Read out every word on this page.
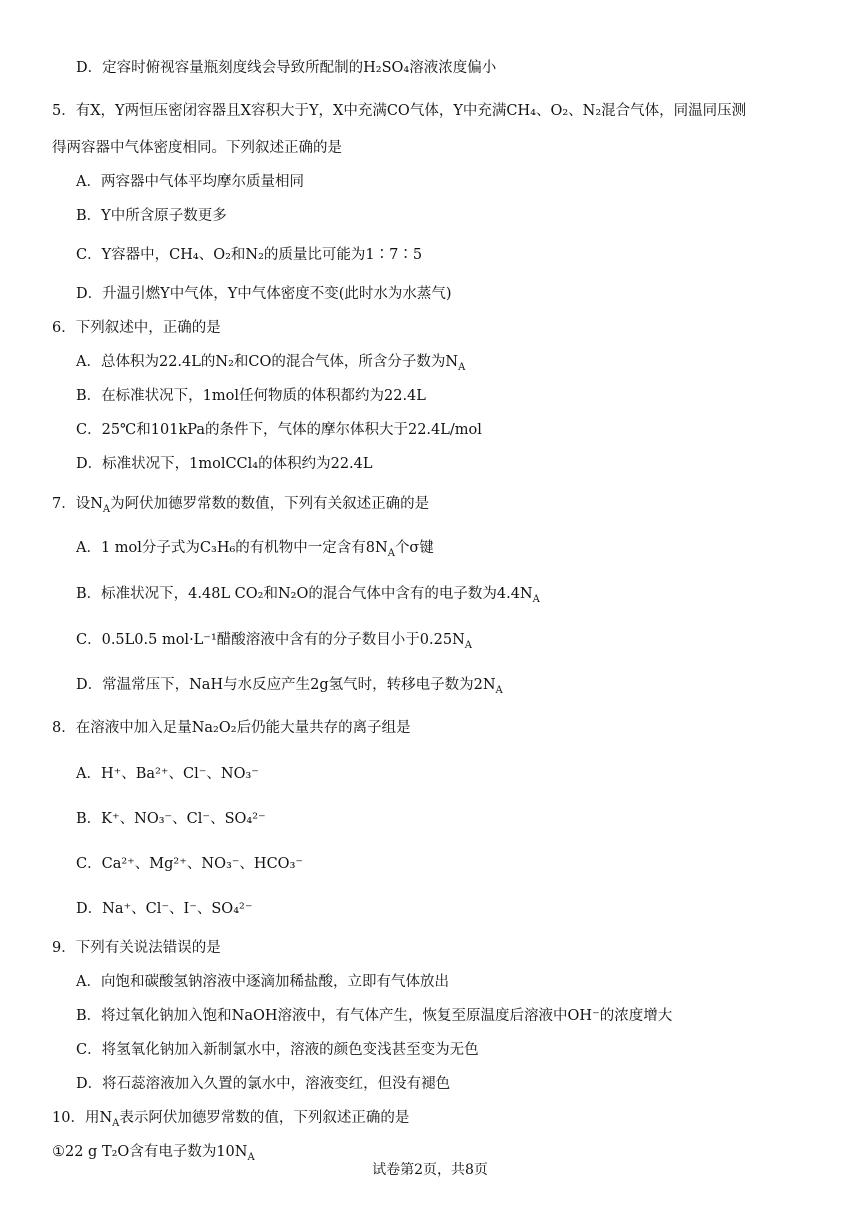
D．定容时俯视容量瓶刻度线会导致所配制的H₂SO₄溶液浓度偏小
5．有X，Y两恒压密闭容器且X容积大于Y，X中充满CO气体，Y中充满CH₄、O₂、N₂混合气体，同温同压测
得两容器中气体密度相同。下列叙述正确的是
A．两容器中气体平均摩尔质量相同
B．Y中所含原子数更多
C．Y容器中，CH₄、O₂和N₂的质量比可能为1∶7∶5
D．升温引燃Y中气体，Y中气体密度不变(此时水为水蒸气)
6．下列叙述中，正确的是
A．总体积为22.4L的N₂和CO的混合气体，所含分子数为$N_A$
B．在标准状况下，1mol任何物质的体积都约为22.4L
C．25℃和101kPa的条件下，气体的摩尔体积大于22.4L/mol
D．标准状况下，1molCCl₄的体积约为22.4L
7．设$N_A$为阿伏加德罗常数的数值，下列有关叙述正确的是
A．1 mol分子式为C₃H₆的有机物中一定含有$8N_A$个σ键
B．标准状况下，4.48L CO₂和N₂O的混合气体中含有的电子数为$4.4N_A$
C．0.5L0.5 mol·L⁻¹醋酸溶液中含有的分子数目小于$0.25N_A$
D．常温常压下，NaH与水反应产生2g氢气时，转移电子数为$2N_A$
8．在溶液中加入足量Na₂O₂后仍能大量共存的离子组是
A．H⁺、Ba²⁺、Cl⁻、NO₃⁻
B．K⁺、NO₃⁻、Cl⁻、SO₄²⁻
C．Ca²⁺、Mg²⁺、NO₃⁻、HCO₃⁻
D．Na⁺、Cl⁻、I⁻、SO₄²⁻
9．下列有关说法错误的是
A．向饱和碳酸氢钠溶液中逐滴加稀盐酸，立即有气体放出
B．将过氧化钠加入饱和NaOH溶液中，有气体产生，恢复至原温度后溶液中OH⁻的浓度增大
C．将氢氧化钠加入新制氯水中，溶液的颜色变浅甚至变为无色
D．将石蕊溶液加入久置的氯水中，溶液变红，但没有褪色
10．用$N_A$表示阿伏加德罗常数的值，下列叙述正确的是
①22 g T₂O含有电子数为$10N_A$
试卷第2页，共8页
